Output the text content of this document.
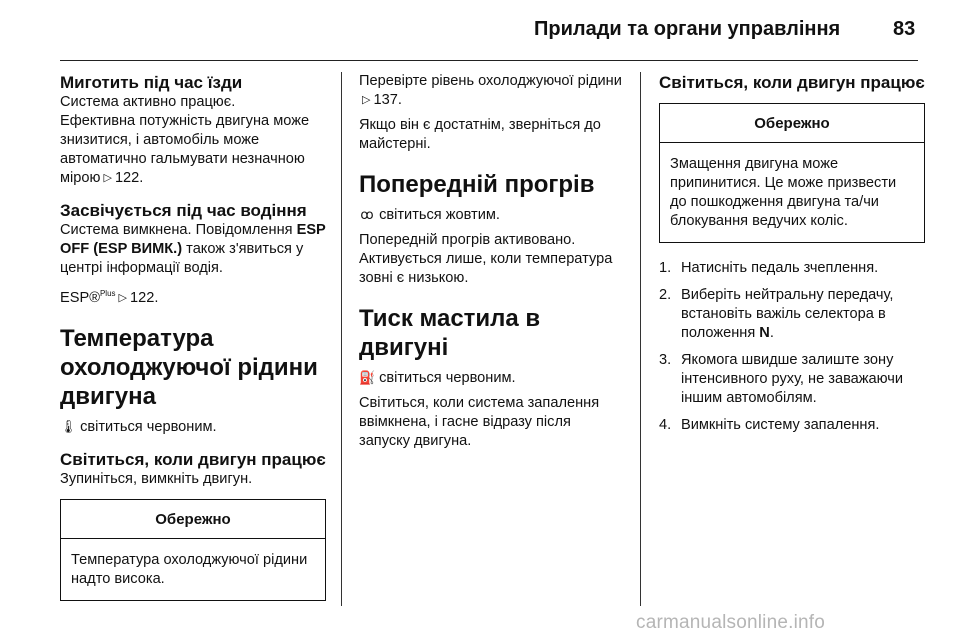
Прилади та органи управління	83
Миготить під час їзди

Система активно працює.

Ефективна потужність двигуна може знизитися, і автомобіль може автоматично гальмувати незначною мірою ▷ 122.

Засвічується під час водіння

Система вимкнена. Повідомлення ESP OFF (ESP ВИМК.) також з'явиться у центрі інформації водія.

ESP®$^{Plus}$ ▷ 122.

Температура охолоджуючої рідини двигуна

🌡 світиться червоним.

Світиться, коли двигун працює

Зупиніться, вимкніть двигун.

Обережно
Температура охолоджуючої рідини надто висока.

Перевірте рівень охолоджуючої рідини▷ 137.

Якщо він є достатнім, зверніться до майстерні.

Попередній прогрів

ꝏ світиться жовтим.

Попередній прогрів активовано. Активується лише, коли температура зовні є низькою.

Тиск мастила в двигуні

⛽ світиться червоним.

Світиться, коли система запалення ввімкнена, і гасне відразу після запуску двигуна.

Світиться, коли двигун працює
Обережно
Змащення двигуна може припинитися. Це може призвести до пошкодження двигуна та/чи блокування ведучих коліс.
1. Натисніть педаль зчеплення.
2. Виберіть нейтральну передачу, встановіть важіль селектора в положення N.
3. Якомога швидше залиште зону інтенсивного руху, не заважаючи іншим автомобілям.
4. Вимкніть систему запалення.
carmanualsonline.info
